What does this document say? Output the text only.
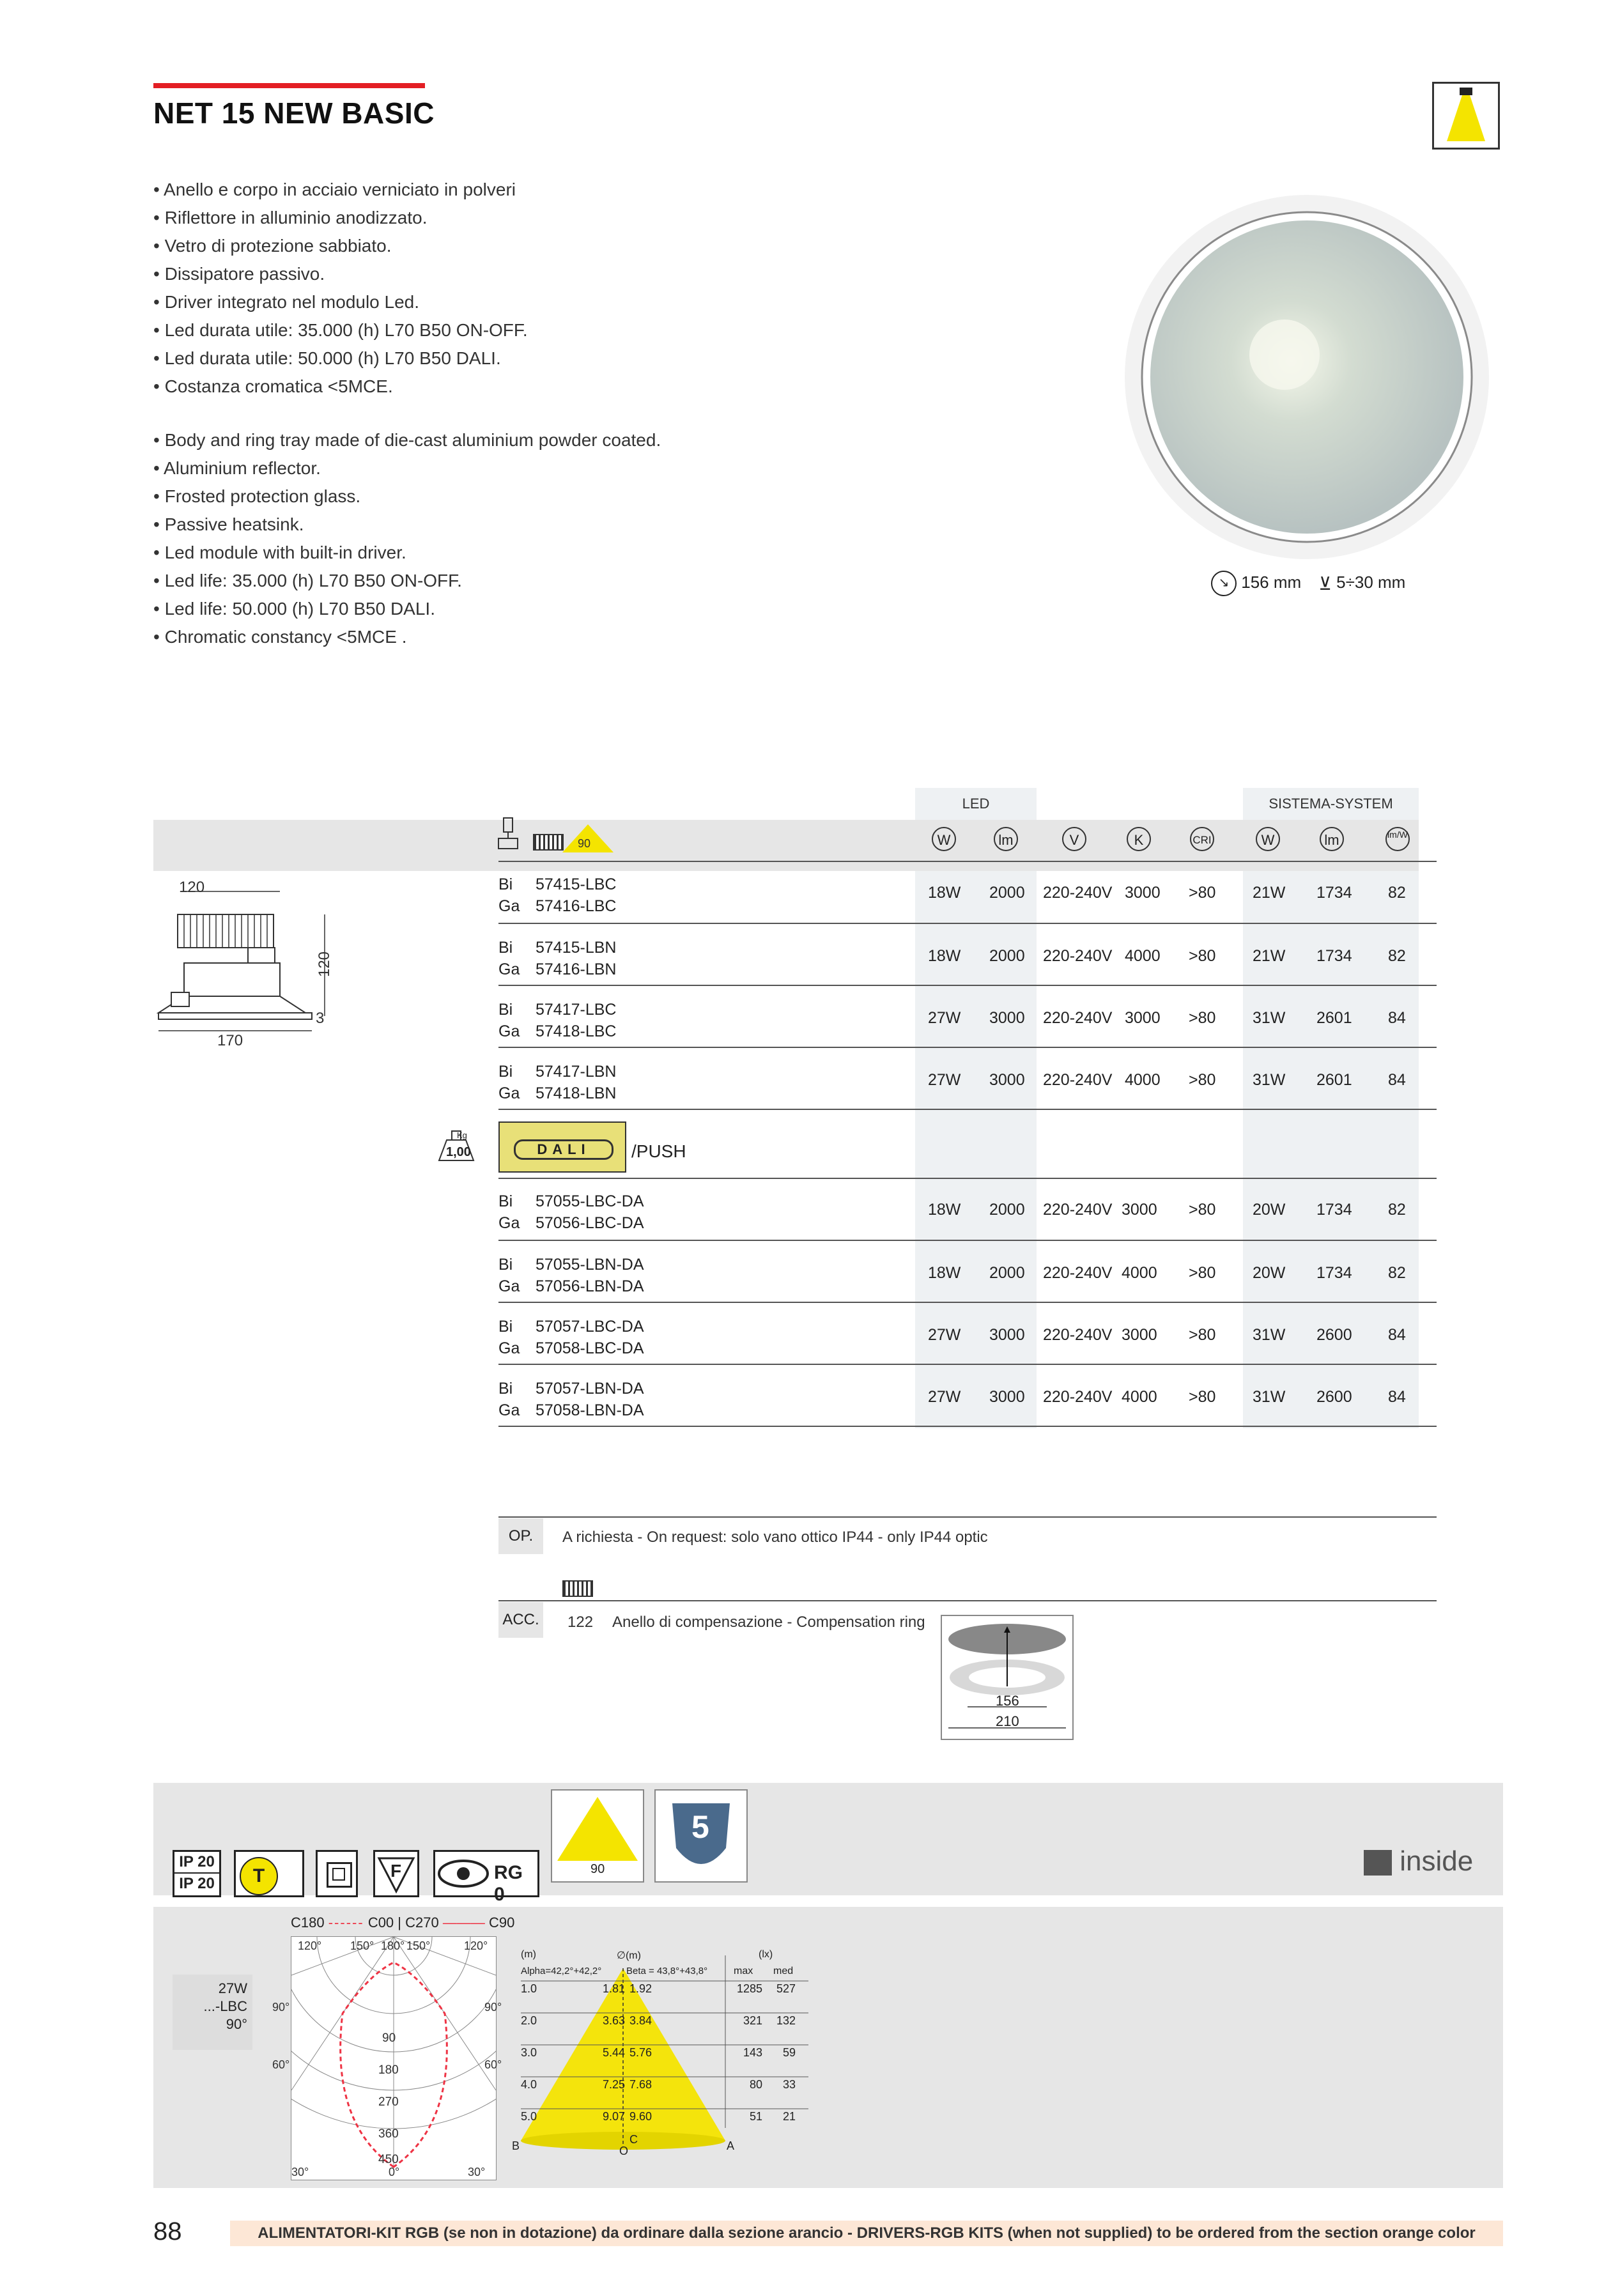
NET 15 NEW BASIC
• Anello e corpo in acciaio verniciato in polveri
• Riflettore in alluminio anodizzato.
• Vetro di protezione sabbiato.
• Dissipatore passivo.
• Driver integrato nel modulo Led.
• Led durata utile: 35.000 (h) L70 B50 ON-OFF.
• Led durata utile: 50.000 (h) L70 B50 DALI.
• Costanza cromatica <5MCE.
• Body and ring tray made of die-cast aluminium powder coated.
• Aluminium reflector.
• Frosted protection glass.
• Passive heatsink.
• Led module with built-in driver.
• Led life: 35.000 (h) L70 B50 ON-OFF.
• Led life: 50.000 (h) L70 B50 DALI.
• Chromatic constancy <5MCE .
↘ 156 mm ⊻ 5÷30 mm
LED	SISTEMA-SYSTEM
90	W	lm	V	K	CRI	W	lm	lm/W
120
120
3
170
Bi 57415-LBC
Ga 57416-LBC
18W 2000 220-240V 3000 >80 21W 1734 82
Bi 57415-LBN
Ga 57416-LBN
18W 2000 220-240V 4000 >80 21W 1734 82
Bi 57417-LBC
Ga 57418-LBC
27W 3000 220-240V 3000 >80 31W 2601 84
Bi 57417-LBN
Ga 57418-LBN
27W 3000 220-240V 4000 >80 31W 2601 84
Kg
1,00	DALI	/PUSH
Bi 57055-LBC-DA
Ga 57056-LBC-DA
18W 2000 220-240V 3000 >80 20W 1734 82
Bi 57055-LBN-DA
Ga 57056-LBN-DA
18W 2000 220-240V 4000 >80 20W 1734 82
Bi 57057-LBC-DA
Ga 57058-LBC-DA
27W 3000 220-240V 3000 >80 31W 2600 84
Bi 57057-LBN-DA
Ga 57058-LBN-DA
27W 3000 220-240V 4000 >80 31W 2600 84
OP.	A richiesta - On request: solo vano ottico IP44 - only IP44 optic
ACC. 122 Anello di compensazione - Compensation ring
156
210
IP 20
IP 20	T	F	RG 0
90
5
inside
C180 ------ C00 | C270 ——— C90
27W
...-LBC
90°
120° 150° 180° 150°	120°
90°	90°
60°	60°
30°	0°	30°
90
180
270
360
450
(m)	∅(m)
Alpha=42,2°+42,2°	Beta = 43,8°+43,8°
(lx)
max med
1.0	1.81 1.92	1285 527
2.0	3.63 3.84	321 132
3.0	5.44 5.76	143 59
4.0	7.25 7.68	80 33
5.0	9.07 9.60	51 21
B	C	A
O
88	ALIMENTATORI-KIT RGB (se non in dotazione) da ordinare dalla sezione arancio - DRIVERS-RGB KITS (when not supplied) to be ordered from the section orange color
